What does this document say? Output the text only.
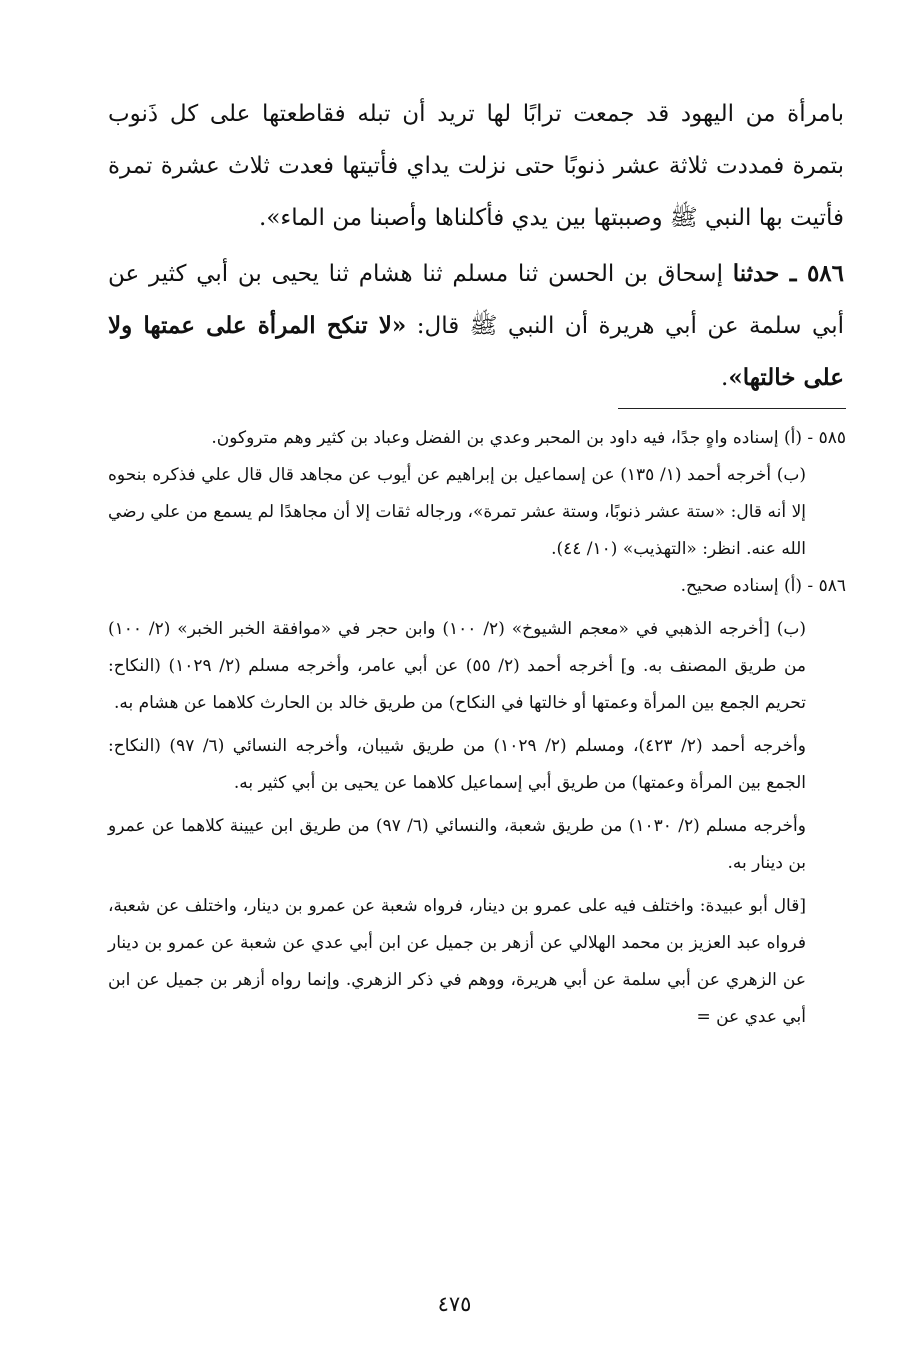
بامرأة من اليهود قد جمعت ترابًا لها تريد أن تبله فقاطعتها على كل ذَنوب بتمرة فمددت ثلاثة عشر ذنوبًا حتى نزلت يداي فأتيتها فعدت ثلاث عشرة تمرة فأتيت بها النبي ﷺ وصببتها بين يدي فأكلناها وأصبنا من الماء».

٥٨٦ ـ حدثنا إسحاق بن الحسن ثنا مسلم ثنا هشام ثنا يحيى بن أبي كثير عن أبي سلمة عن أبي هريرة أن النبي ﷺ قال: «لا تنكح المرأة على عمتها ولا على خالتها».

٥٨٥ - (أ) إسناده واهٍ جدًا، فيه داود بن المحبر وعدي بن الفضل وعباد بن كثير وهم متروكون.

(ب) أخرجه أحمد (١/ ١٣٥) عن إسماعيل بن إبراهيم عن أيوب عن مجاهد قال قال علي فذكره بنحوه إلا أنه قال: «ستة عشر ذنوبًا، وستة عشر تمرة»، ورجاله ثقات إلا أن مجاهدًا لم يسمع من علي رضي الله عنه. انظر: «التهذيب» (١٠/ ٤٤).

٥٨٦ - (أ) إسناده صحيح.

(ب) [أخرجه الذهبي في «معجم الشيوخ» (٢/ ١٠٠) وابن حجر في «موافقة الخبر الخبر» (٢/ ١٠٠) من طريق المصنف به. و] أخرجه أحمد (٢/ ٥٥) عن أبي عامر، وأخرجه مسلم (٢/ ١٠٢٩) (النكاح: تحريم الجمع بين المرأة وعمتها أو خالتها في النكاح) من طريق خالد بن الحارث كلاهما عن هشام به.

وأخرجه أحمد (٢/ ٤٢٣)، ومسلم (٢/ ١٠٢٩) من طريق شيبان، وأخرجه النسائي (٦/ ٩٧) (النكاح: الجمع بين المرأة وعمتها) من طريق أبي إسماعيل كلاهما عن يحيى بن أبي كثير به.

وأخرجه مسلم (٢/ ١٠٣٠) من طريق شعبة، والنسائي (٦/ ٩٧) من طريق ابن عيينة كلاهما عن عمرو بن دينار به.

[قال أبو عبيدة: واختلف فيه على عمرو بن دينار، فرواه شعبة عن عمرو بن دينار، واختلف عن شعبة، فرواه عبد العزيز بن محمد الهلالي عن أزهر بن جميل عن ابن أبي عدي عن شعبة عن عمرو بن دينار عن الزهري عن أبي سلمة عن أبي هريرة، ووهم في ذكر الزهري. وإنما رواه أزهر بن جميل عن ابن أبي عدي عن =

٤٧٥
